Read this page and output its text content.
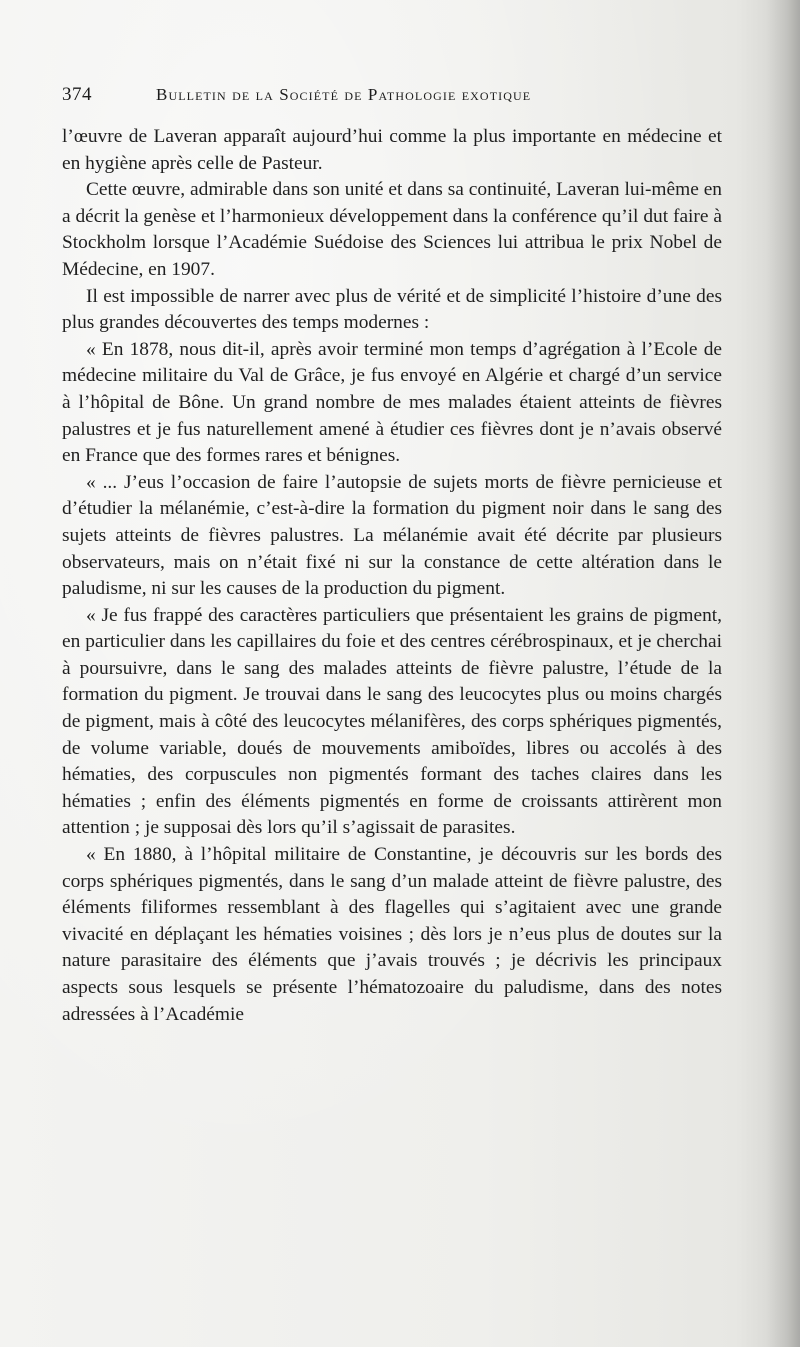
374	Bulletin de la Société de Pathologie exotique

l’œuvre de Laveran apparaît aujourd’hui comme la plus importante en médecine et en hygiène après celle de Pasteur.

Cette œuvre, admirable dans son unité et dans sa continuité, Laveran lui-même en a décrit la genèse et l’harmonieux développement dans la conférence qu’il dut faire à Stockholm lorsque l’Académie Suédoise des Sciences lui attribua le prix Nobel de Médecine, en 1907.

Il est impossible de narrer avec plus de vérité et de simplicité l’histoire d’une des plus grandes découvertes des temps modernes :

« En 1878, nous dit-il, après avoir terminé mon temps d’agrégation à l’Ecole de médecine militaire du Val de Grâce, je fus envoyé en Algérie et chargé d’un service à l’hôpital de Bône. Un grand nombre de mes malades étaient atteints de fièvres palustres et je fus naturellement amené à étudier ces fièvres dont je n’avais observé en France que des formes rares et bénignes.

« ... J’eus l’occasion de faire l’autopsie de sujets morts de fièvre pernicieuse et d’étudier la mélanémie, c’est-à-dire la formation du pigment noir dans le sang des sujets atteints de fièvres palustres. La mélanémie avait été décrite par plusieurs observateurs, mais on n’était fixé ni sur la constance de cette altération dans le paludisme, ni sur les causes de la production du pigment.

« Je fus frappé des caractères particuliers que présentaient les grains de pigment, en particulier dans les capillaires du foie et des centres cérébrospinaux, et je cherchai à poursuivre, dans le sang des malades atteints de fièvre palustre, l’étude de la formation du pigment. Je trouvai dans le sang des leucocytes plus ou moins chargés de pigment, mais à côté des leucocytes mélanifères, des corps sphériques pigmentés, de volume variable, doués de mouvements amiboïdes, libres ou accolés à des hématies, des corpuscules non pigmentés formant des taches claires dans les hématies ; enfin des éléments pigmentés en forme de croissants attirèrent mon attention ; je supposai dès lors qu’il s’agissait de parasites.

« En 1880, à l’hôpital militaire de Constantine, je découvris sur les bords des corps sphériques pigmentés, dans le sang d’un malade atteint de fièvre palustre, des éléments filiformes ressemblant à des flagelles qui s’agitaient avec une grande vivacité en déplaçant les hématies voisines ; dès lors je n’eus plus de doutes sur la nature parasitaire des éléments que j’avais trouvés ; je décrivis les principaux aspects sous lesquels se présente l’hématozoaire du paludisme, dans des notes adressées à l’Académie
